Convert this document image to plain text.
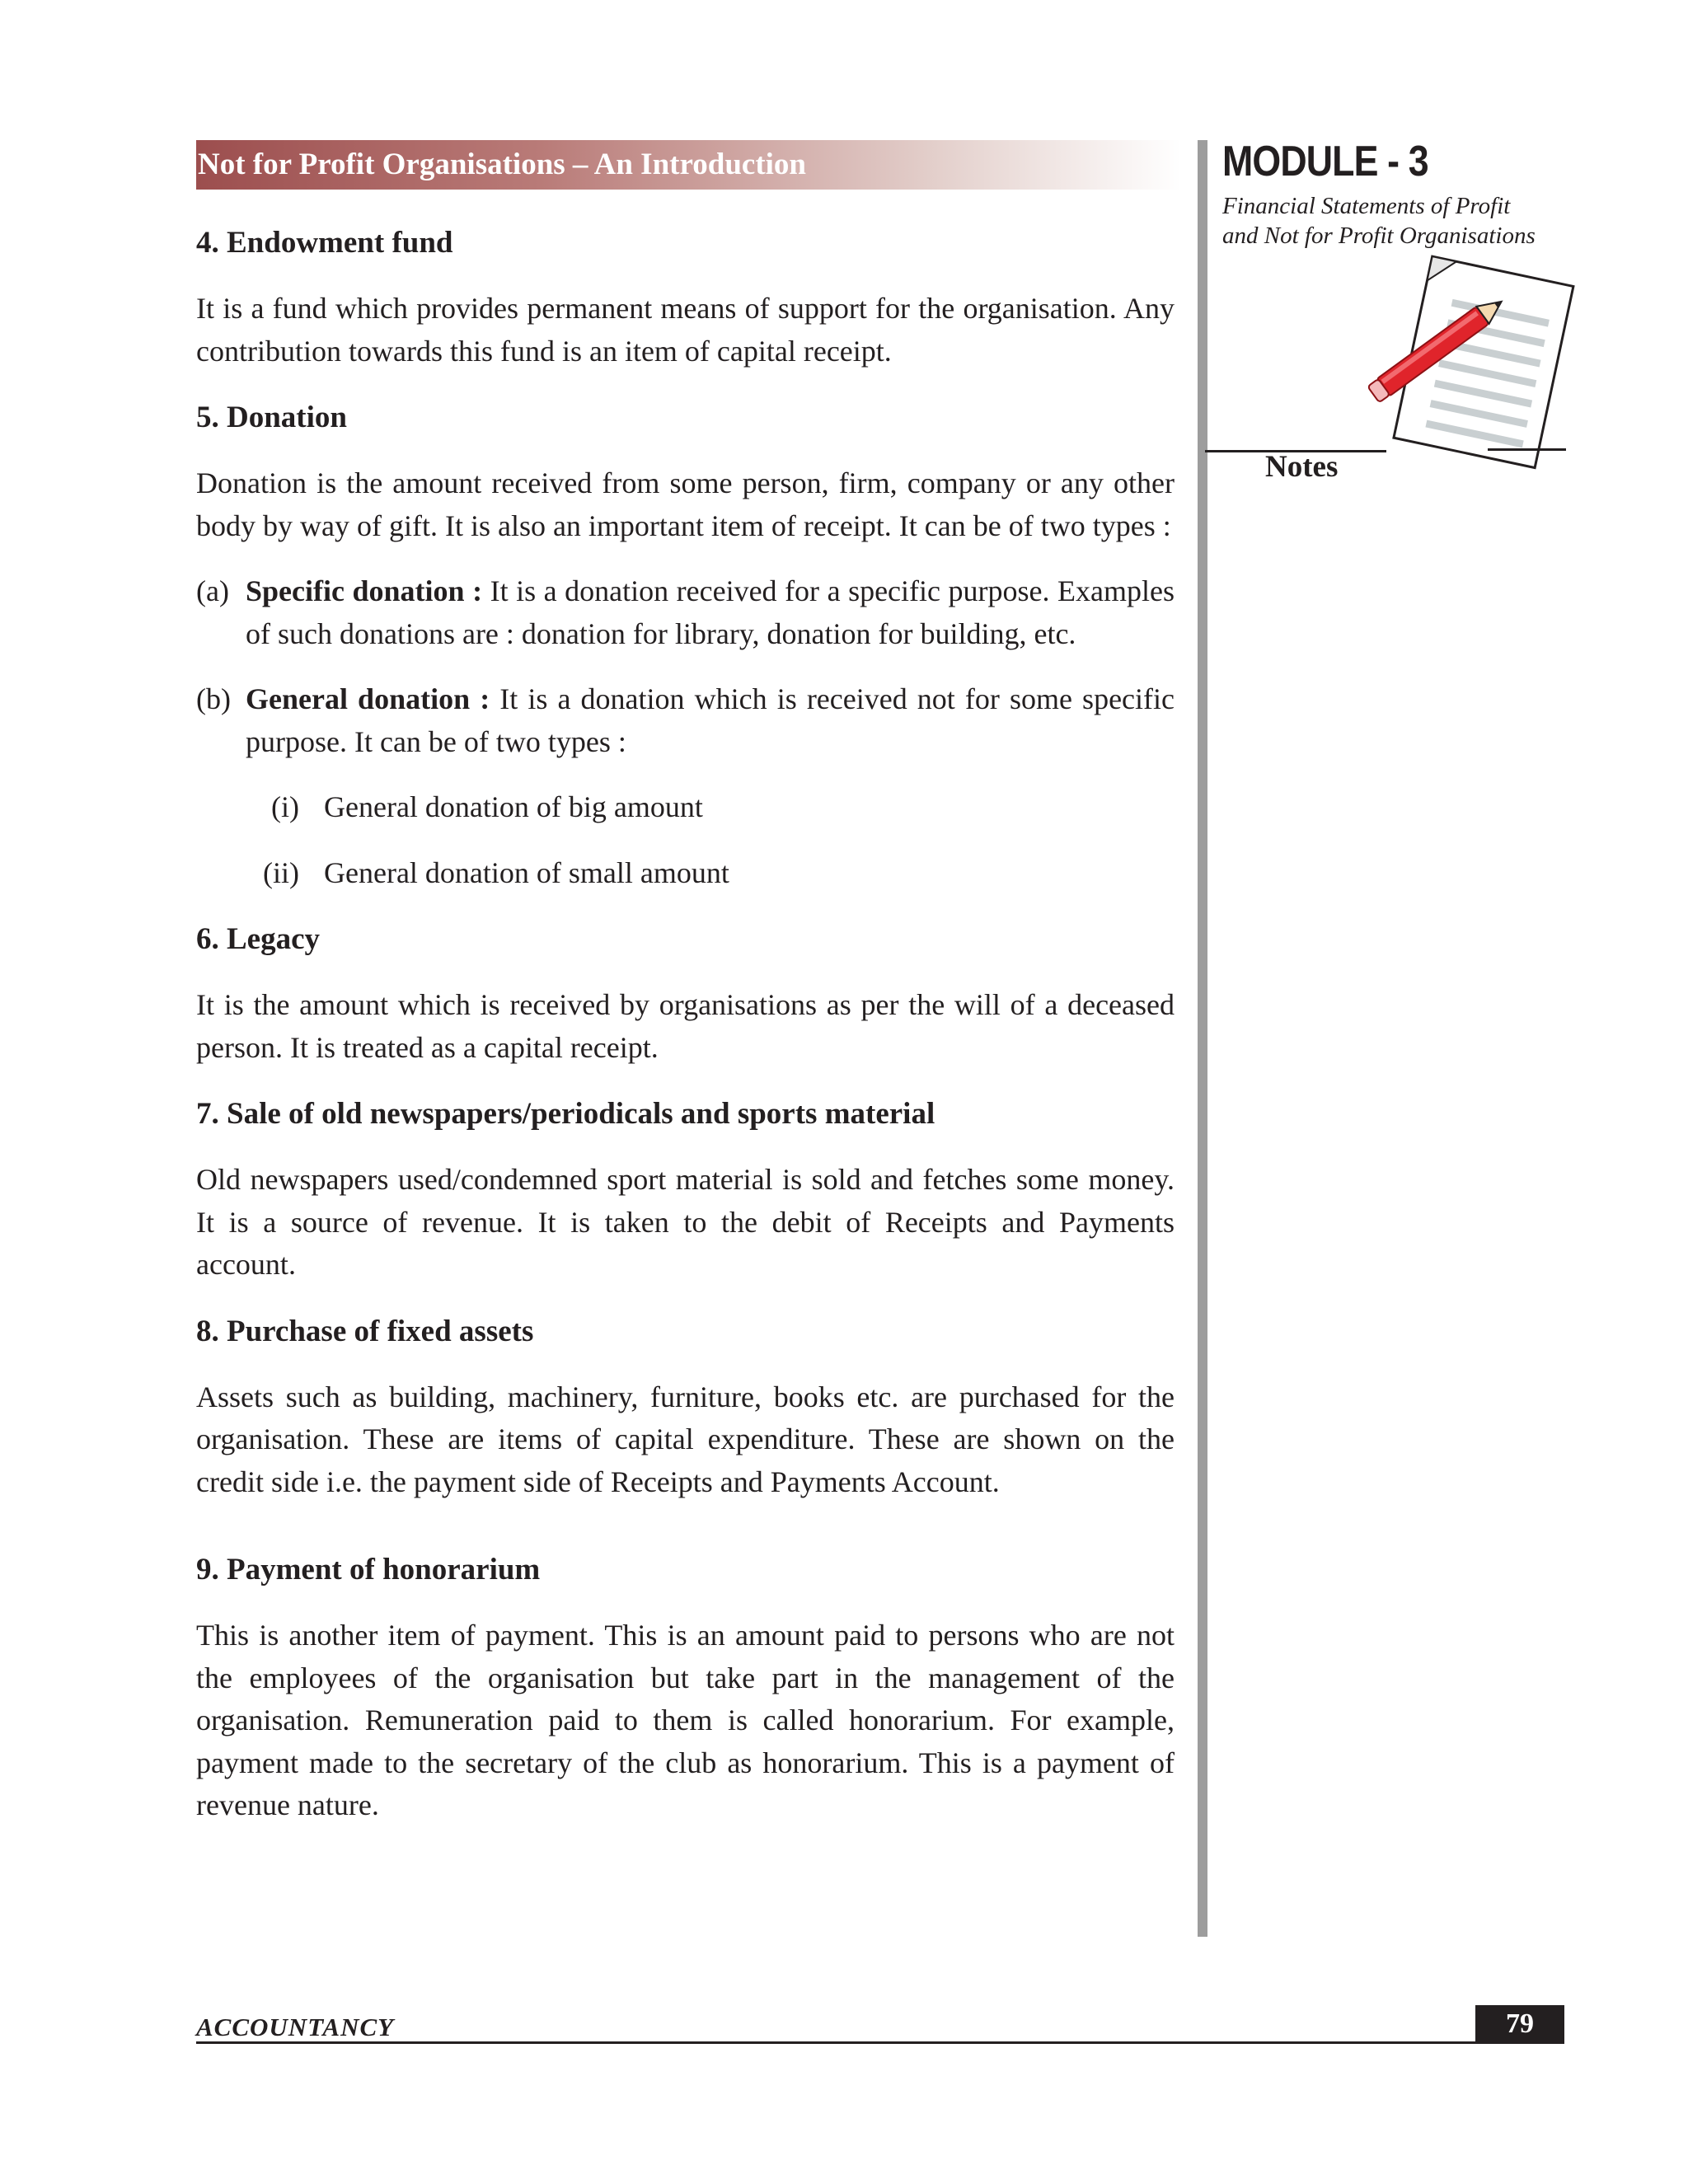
Not for Profit Organisations – An Introduction	MODULE - 3
Financial Statements of Profit
and Not for Profit Organisations
Notes
4. Endowment fund

It is a fund which provides permanent means of support for the organisation. Any contribution towards this fund is an item of capital receipt.

5. Donation

Donation is the amount received from some person, firm, company or any other body by way of gift. It is also an important item of receipt. It can be of two types :

(a) Specific donation : It is a donation received for a specific purpose. Examples of such donations are : donation for library, donation for building, etc.
(b) General donation : It is a donation which is received not for some specific purpose. It can be of two types :
(i) General donation of big amount
(ii) General donation of small amount
6. Legacy

It is the amount which is received by organisations as per the will of a deceased person. It is treated as a capital receipt.

7. Sale of old newspapers/periodicals and sports material

Old newspapers used/condemned sport material is sold and fetches some money. It is a source of revenue. It is taken to the debit of Receipts and Payments account.

8. Purchase of fixed assets

Assets such as building, machinery, furniture, books etc. are purchased for the organisation. These are items of capital expenditure. These are shown on the credit side i.e. the payment side of Receipts and Payments Account.

9. Payment of honorarium

This is another item of payment. This is an amount paid to persons who are not the employees of the organisation but take part in the management of the organisation. Remuneration paid to them is called honorarium. For example, payment made to the secretary of the club as honorarium. This is a payment of revenue nature.

ACCOUNTANCY	79
